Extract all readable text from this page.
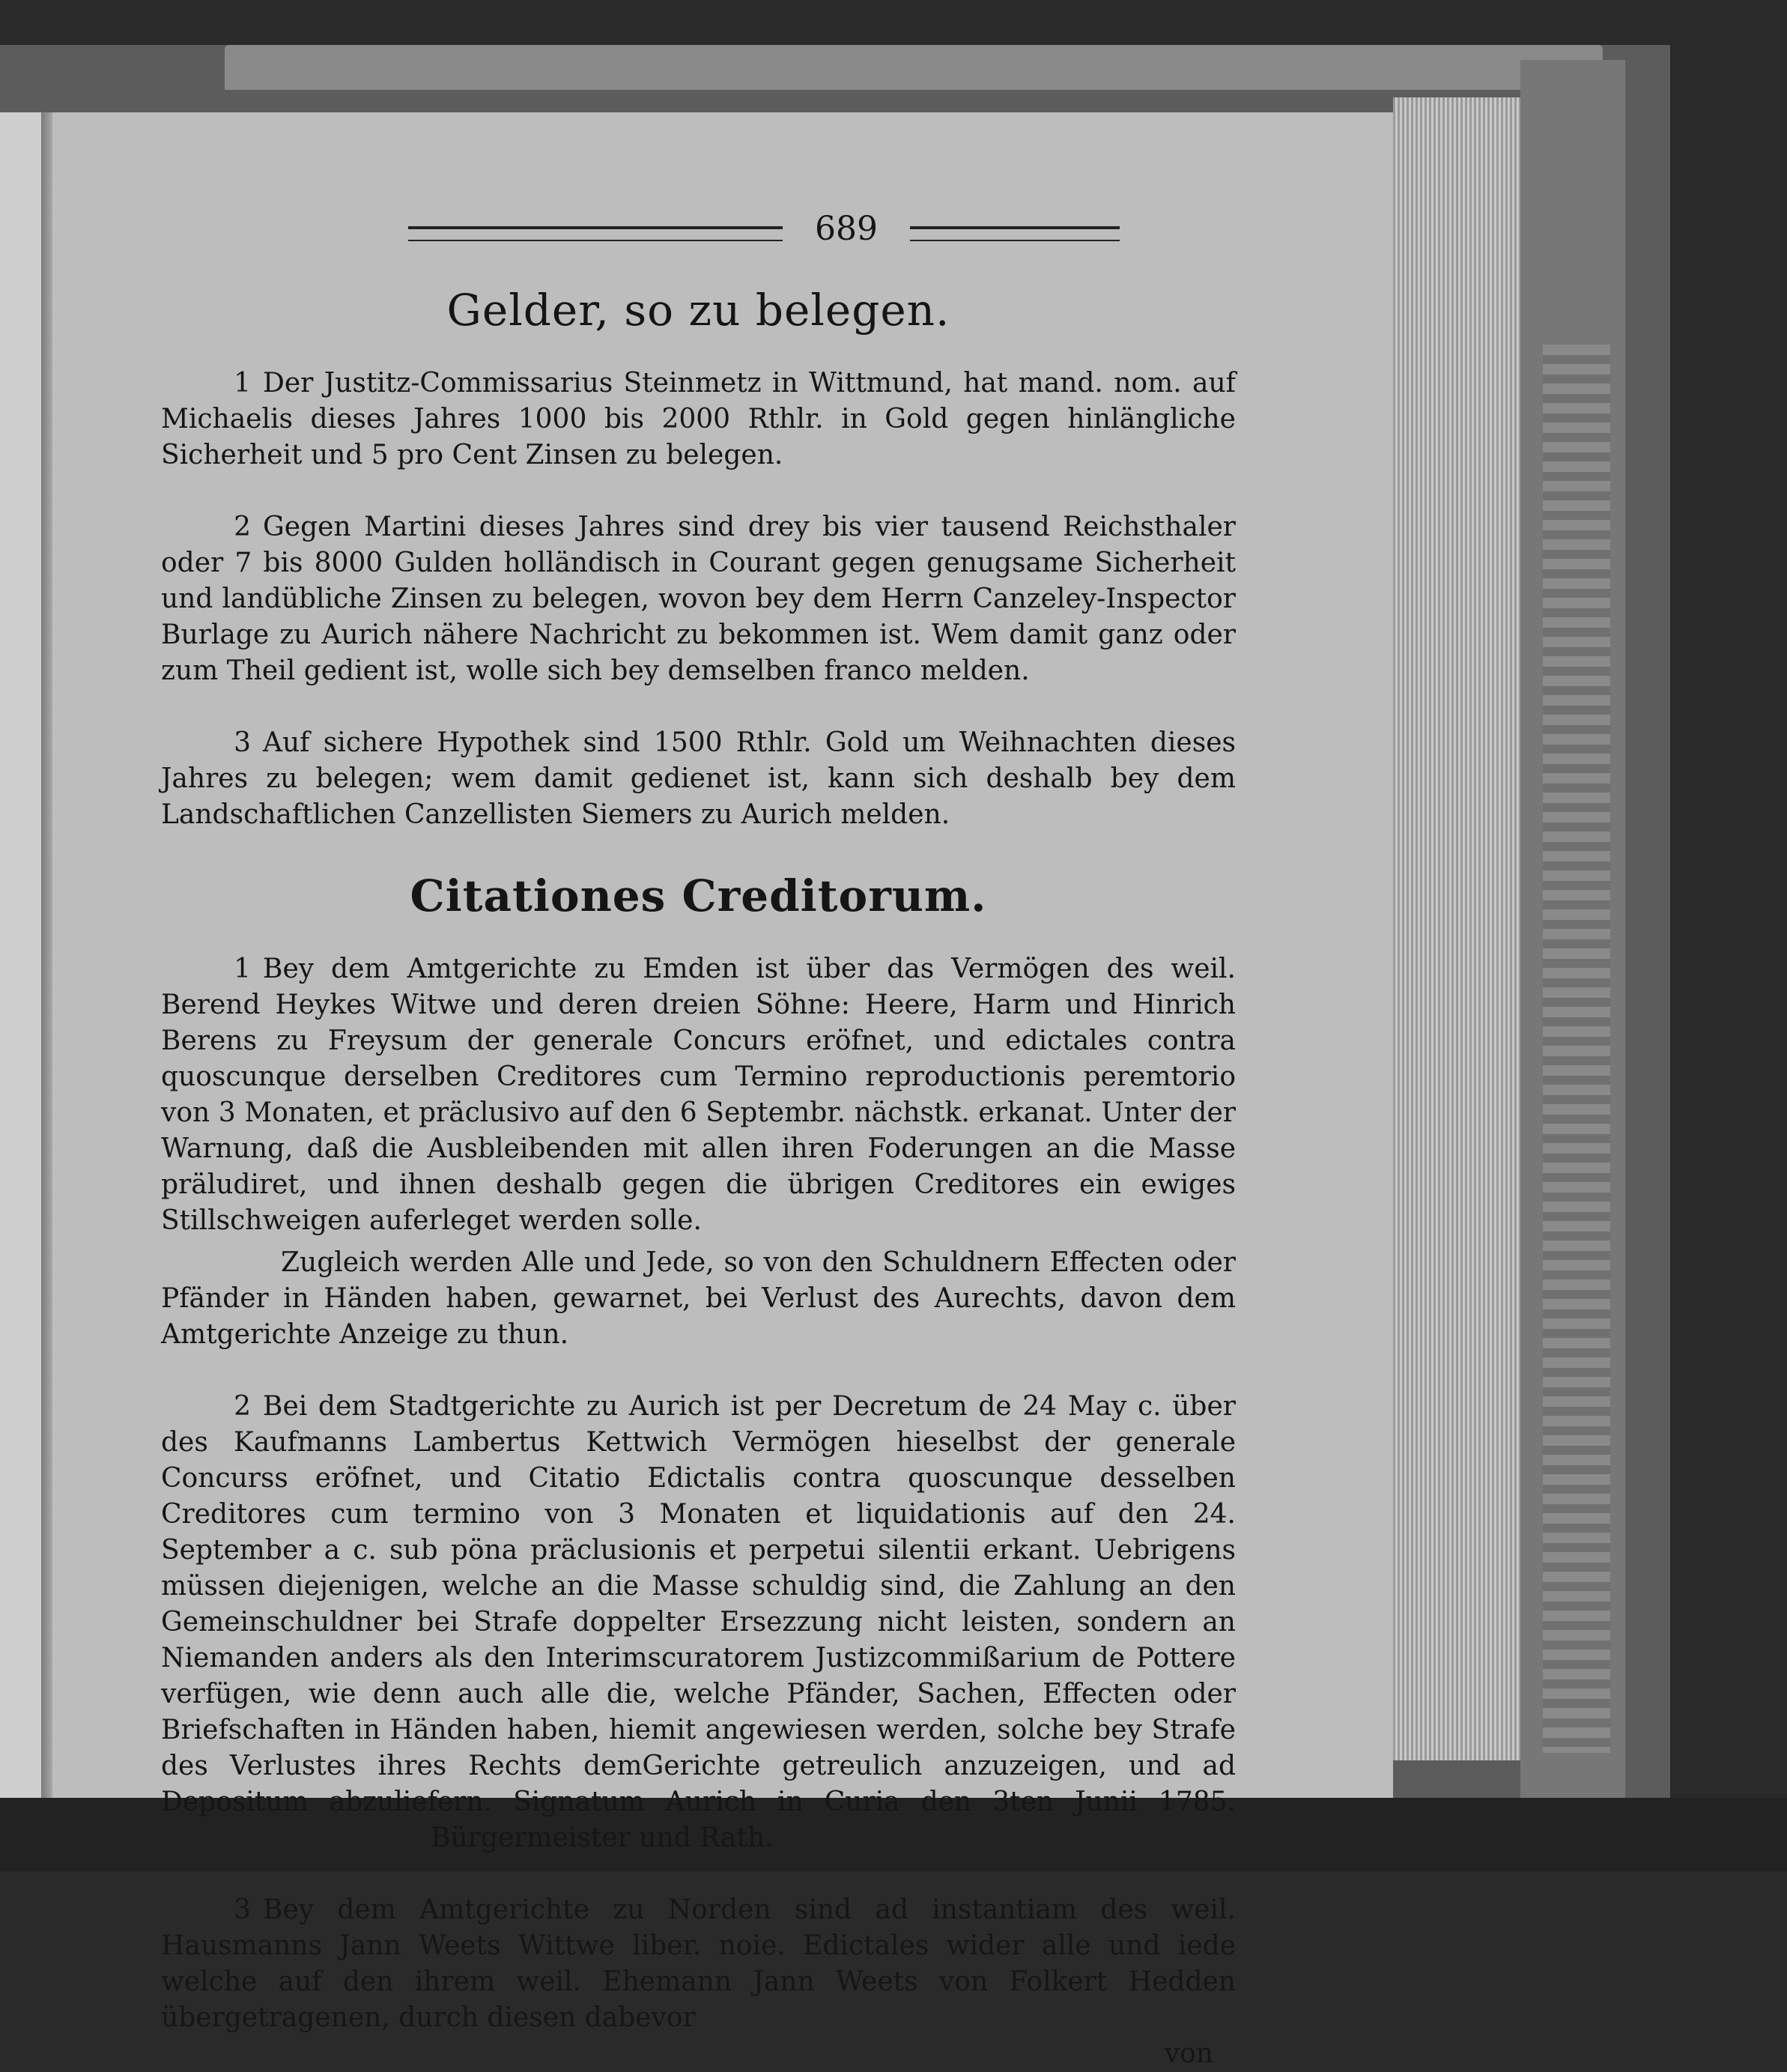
689
Gelder, so zu belegen.

1 Der Justitz-Commissarius Steinmetz in Wittmund, hat mand. nom. auf Michaelis dieses Jahres 1000 bis 2000 Rthlr. in Gold gegen hinlängliche Sicherheit und 5 pro Cent Zinsen zu belegen.

2 Gegen Martini dieses Jahres sind drey bis vier tausend Reichsthaler oder 7 bis 8000 Gulden holländisch in Courant gegen genugsame Sicherheit und landübliche Zinsen zu belegen, wovon bey dem Herrn Canzeley-Inspector Burlage zu Aurich nähere Nachricht zu bekommen ist. Wem damit ganz oder zum Theil gedient ist, wolle sich bey demselben franco melden.

3 Auf sichere Hypothek sind 1500 Rthlr. Gold um Weihnachten dieses Jahres zu belegen; wem damit gedienet ist, kann sich deshalb bey dem Landschaftlichen Canzellisten Siemers zu Aurich melden.

Citationes Creditorum.

1 Bey dem Amtgerichte zu Emden ist über das Vermögen des weil. Berend Heykes Witwe und deren dreien Söhne: Heere, Harm und Hinrich Berens zu Freysum der generale Concurs eröfnet, und edictales contra quoscunque derselben Creditores cum Termino reproductionis peremtorio von 3 Monaten, et präclusivo auf den 6 Septembr. nächstk. erkanat. Unter der Warnung, daß die Ausbleibenden mit allen ihren Foderungen an die Masse präludiret, und ihnen deshalb gegen die übrigen Creditores ein ewiges Stillschweigen auferleget werden solle.

Zugleich werden Alle und Jede, so von den Schuldnern Effecten oder Pfänder in Händen haben, gewarnet, bei Verlust des Aurechts, davon dem Amtgerichte Anzeige zu thun.

2 Bei dem Stadtgerichte zu Aurich ist per Decretum de 24 May c. über des Kaufmanns Lambertus Kettwich Vermögen hieselbst der generale Concurss eröfnet, und Citatio Edictalis contra quoscunque desselben Creditores cum termino von 3 Monaten et liquidationis auf den 24. September a c. sub pöna präclusionis et perpetui silentii erkant. Uebrigens müssen diejenigen, welche an die Masse schuldig sind, die Zahlung an den Gemeinschuldner bei Strafe doppelter Ersezzung nicht leisten, sondern an Niemanden anders als den Interimscuratorem Justizcommißarium de Pottere verfügen, wie denn auch alle die, welche Pfänder, Sachen, Effecten oder Briefschaften in Händen haben, hiemit angewiesen werden, solche bey Strafe des Verlustes ihres Rechts demGerichte getreulich anzuzeigen, und ad Depositum abzuliefern. Signatum Aurich in Curia den 3ten Junii 1785.Bürgermeister und Rath.

3 Bey dem Amtgerichte zu Norden sind ad instantiam des weil. Hausmanns Jann Weets Wittwe liber. noie. Edictales wider alle und iede welche auf den ihrem weil. Ehemann Jann Weets von Folkert Hedden übergetragenen, durch diesen dabevor

von
